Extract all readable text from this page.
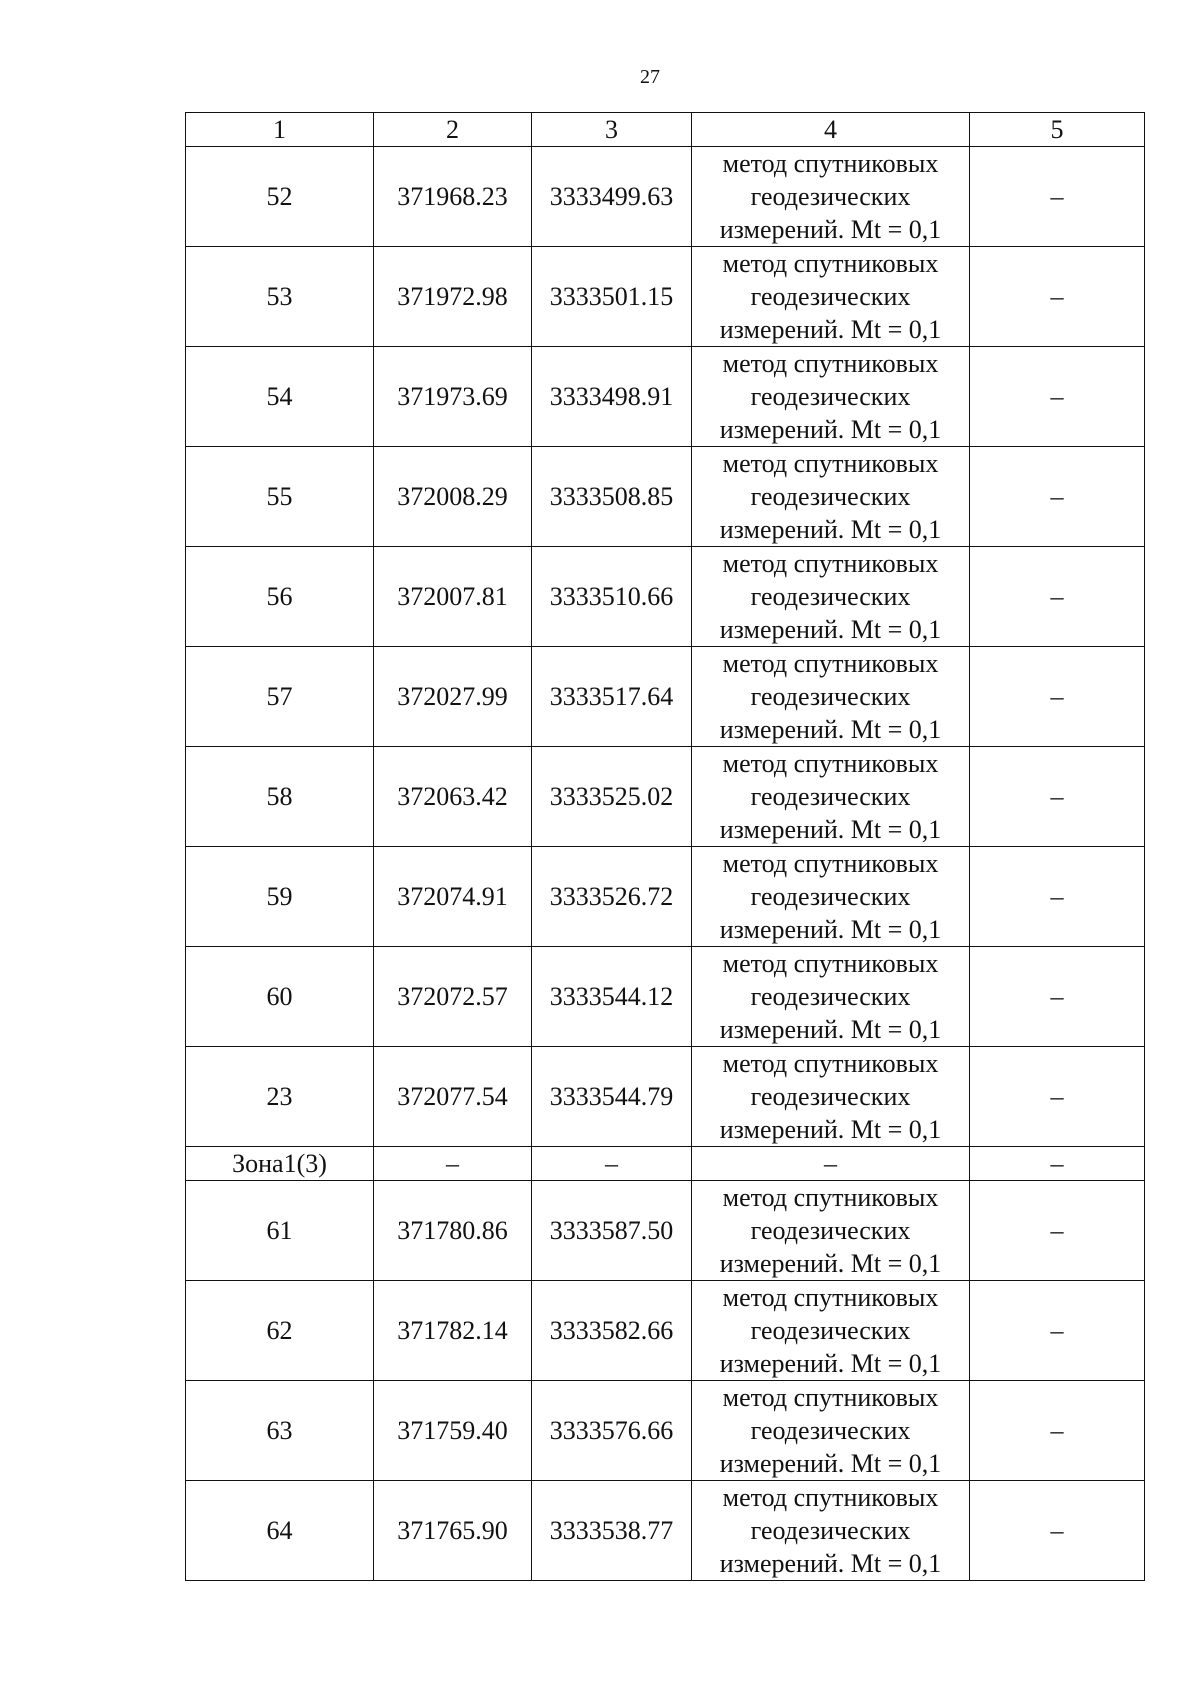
27
1	2	3	4	5
52	371968.23	3333499.63	метод спутниковых геодезических измерений. Mt = 0,1	–
53	371972.98	3333501.15	метод спутниковых геодезических измерений. Mt = 0,1	–
54	371973.69	3333498.91	метод спутниковых геодезических измерений. Mt = 0,1	–
55	372008.29	3333508.85	метод спутниковых геодезических измерений. Mt = 0,1	–
56	372007.81	3333510.66	метод спутниковых геодезических измерений. Mt = 0,1	–
57	372027.99	3333517.64	метод спутниковых геодезических измерений. Mt = 0,1	–
58	372063.42	3333525.02	метод спутниковых геодезических измерений. Mt = 0,1	–
59	372074.91	3333526.72	метод спутниковых геодезических измерений. Mt = 0,1	–
60	372072.57	3333544.12	метод спутниковых геодезических измерений. Mt = 0,1	–
23	372077.54	3333544.79	метод спутниковых геодезических измерений. Mt = 0,1	–
Зона1(3)	–	–	–	–
61	371780.86	3333587.50	метод спутниковых геодезических измерений. Mt = 0,1	–
62	371782.14	3333582.66	метод спутниковых геодезических измерений. Mt = 0,1	–
63	371759.40	3333576.66	метод спутниковых геодезических измерений. Mt = 0,1	–
64	371765.90	3333538.77	метод спутниковых геодезических измерений. Mt = 0,1	–
